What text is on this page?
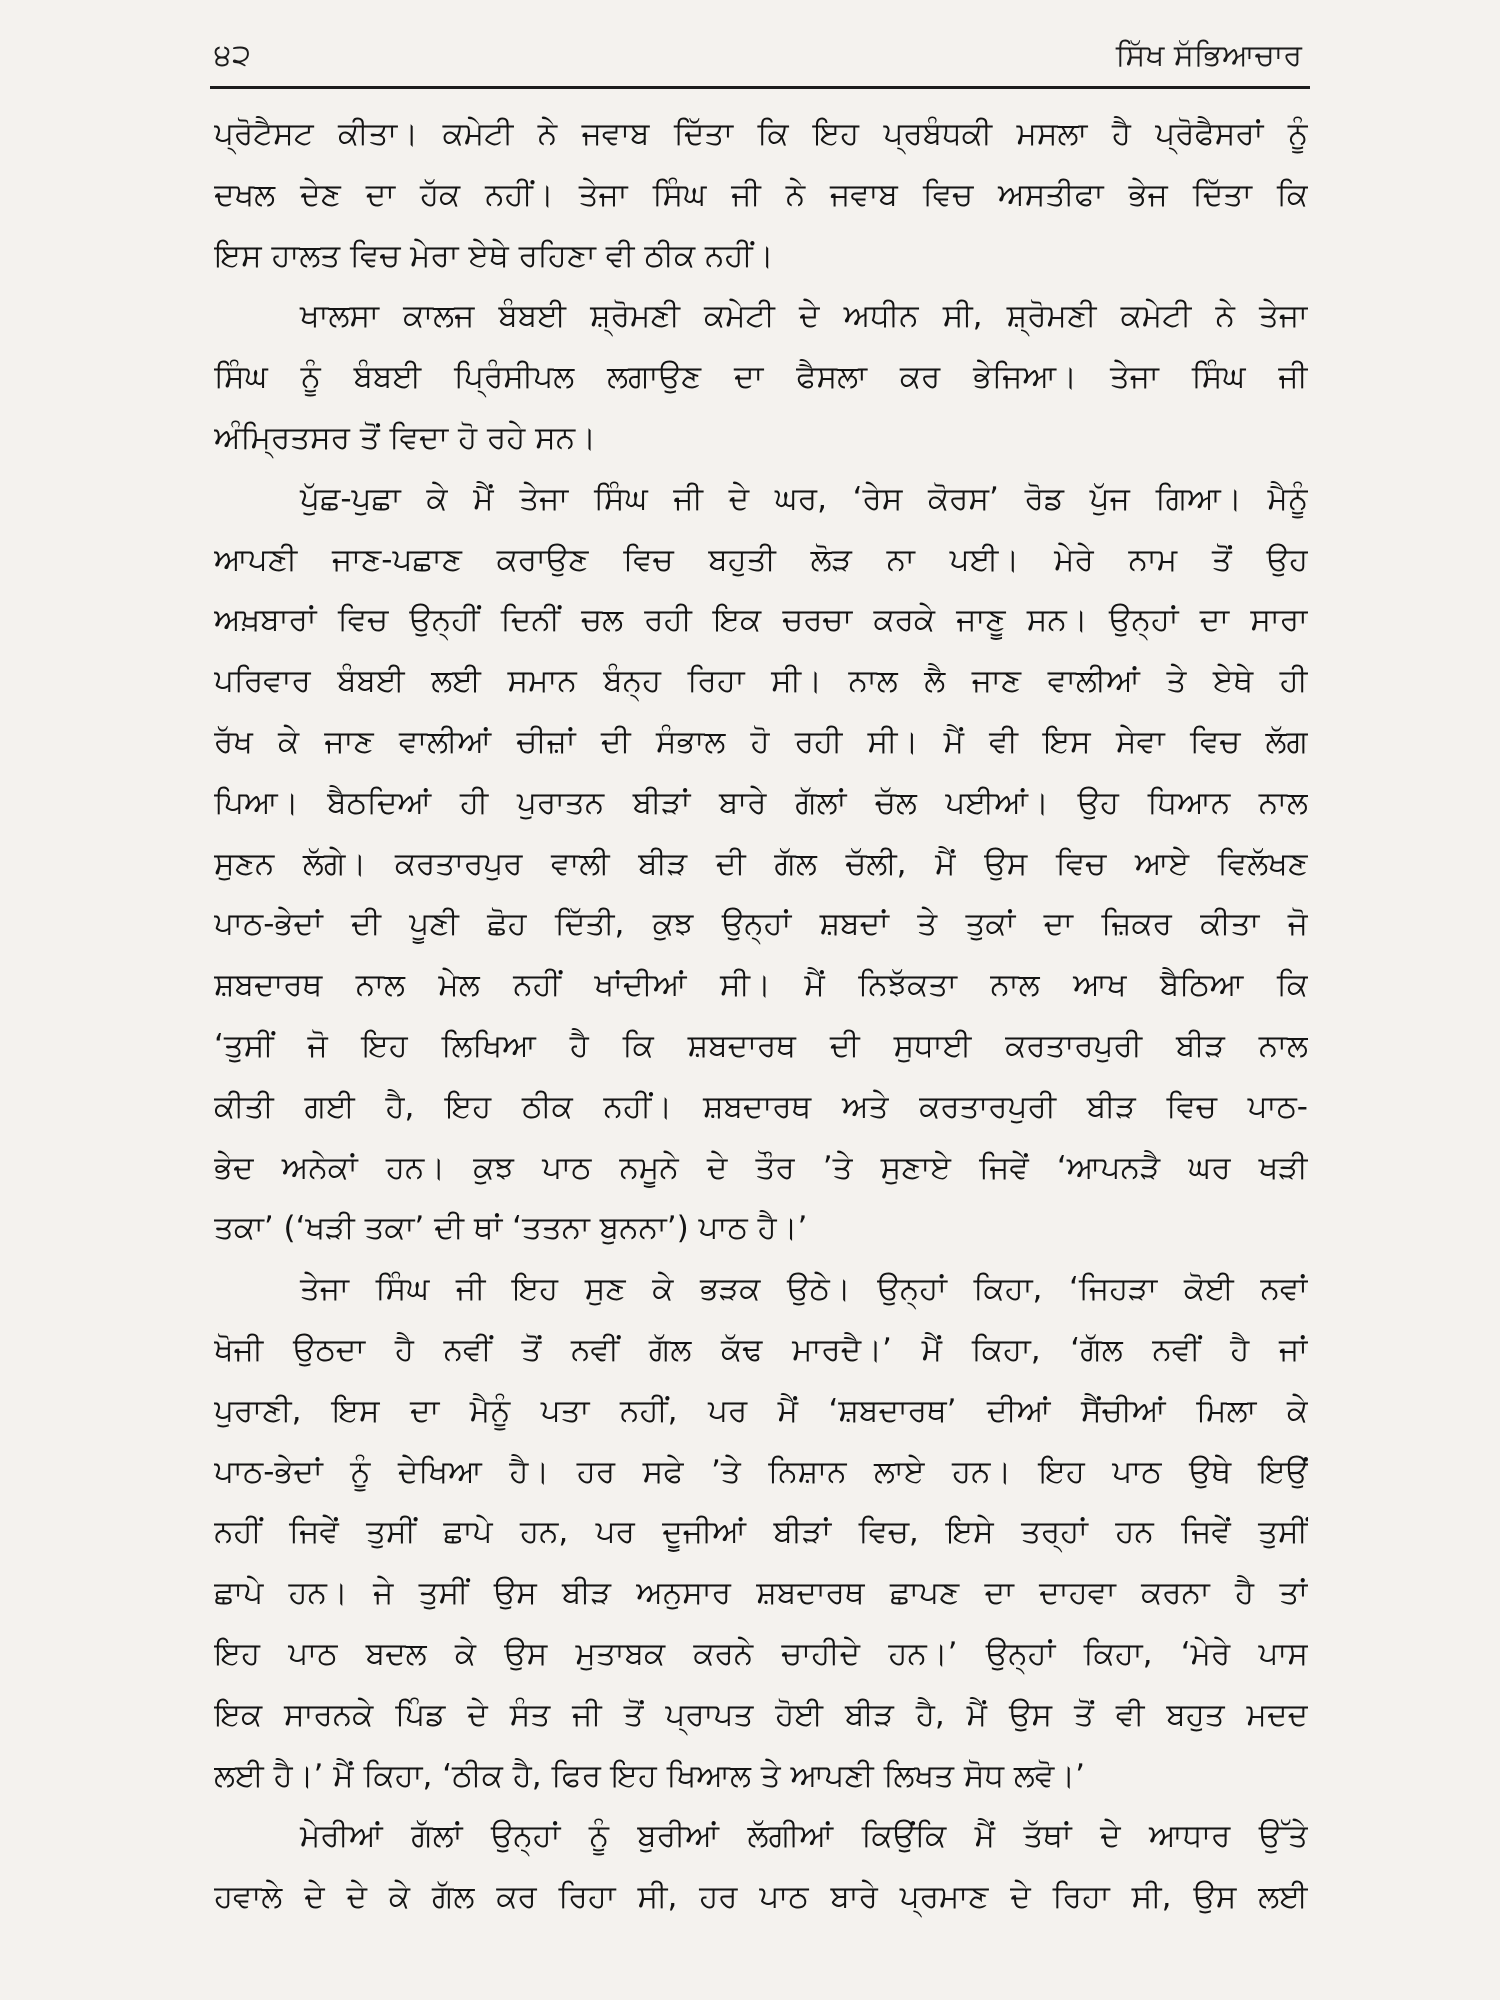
੪੨	ਸਿੱਖ ਸੱਭਿਆਚਾਰ
ਪ੍ਰੋਟੈਸਟ ਕੀਤਾ। ਕਮੇਟੀ ਨੇ ਜਵਾਬ ਦਿੱਤਾ ਕਿ ਇਹ ਪ੍ਰਬੰਧਕੀ ਮਸਲਾ ਹੈ ਪ੍ਰੋਫੈਸਰਾਂ ਨੂੰ
ਦਖਲ ਦੇਣ ਦਾ ਹੱਕ ਨਹੀਂ। ਤੇਜਾ ਸਿੰਘ ਜੀ ਨੇ ਜਵਾਬ ਵਿਚ ਅਸਤੀਫਾ ਭੇਜ ਦਿੱਤਾ ਕਿ
ਇਸ ਹਾਲਤ ਵਿਚ ਮੇਰਾ ਏਥੇ ਰਹਿਣਾ ਵੀ ਠੀਕ ਨਹੀਂ।
ਖਾਲਸਾ ਕਾਲਜ ਬੰਬਈ ਸ਼੍ਰੋਮਣੀ ਕਮੇਟੀ ਦੇ ਅਧੀਨ ਸੀ, ਸ਼੍ਰੋਮਣੀ ਕਮੇਟੀ ਨੇ ਤੇਜਾ
ਸਿੰਘ ਨੂੰ ਬੰਬਈ ਪ੍ਰਿੰਸੀਪਲ ਲਗਾਉਣ ਦਾ ਫੈਸਲਾ ਕਰ ਭੇਜਿਆ। ਤੇਜਾ ਸਿੰਘ ਜੀ
ਅੰਮ੍ਰਿਤਸਰ ਤੋਂ ਵਿਦਾ ਹੋ ਰਹੇ ਸਨ।
ਪੁੱਛ-ਪੁਛਾ ਕੇ ਮੈਂ ਤੇਜਾ ਸਿੰਘ ਜੀ ਦੇ ਘਰ, ‘ਰੇਸ ਕੋਰਸ’ ਰੋਡ ਪੁੱਜ ਗਿਆ। ਮੈਨੂੰ
ਆਪਣੀ ਜਾਣ-ਪਛਾਣ ਕਰਾਉਣ ਵਿਚ ਬਹੁਤੀ ਲੋੜ ਨਾ ਪਈ। ਮੇਰੇ ਨਾਮ ਤੋਂ ਉਹ
ਅਖ਼ਬਾਰਾਂ ਵਿਚ ਉਨ੍ਹੀਂ ਦਿਨੀਂ ਚਲ ਰਹੀ ਇਕ ਚਰਚਾ ਕਰਕੇ ਜਾਣੂ ਸਨ। ਉਨ੍ਹਾਂ ਦਾ ਸਾਰਾ
ਪਰਿਵਾਰ ਬੰਬਈ ਲਈ ਸਮਾਨ ਬੰਨ੍ਹ ਰਿਹਾ ਸੀ। ਨਾਲ ਲੈ ਜਾਣ ਵਾਲੀਆਂ ਤੇ ਏਥੇ ਹੀ
ਰੱਖ ਕੇ ਜਾਣ ਵਾਲੀਆਂ ਚੀਜ਼ਾਂ ਦੀ ਸੰਭਾਲ ਹੋ ਰਹੀ ਸੀ। ਮੈਂ ਵੀ ਇਸ ਸੇਵਾ ਵਿਚ ਲੱਗ
ਪਿਆ। ਬੈਠਦਿਆਂ ਹੀ ਪੁਰਾਤਨ ਬੀੜਾਂ ਬਾਰੇ ਗੱਲਾਂ ਚੱਲ ਪਈਆਂ। ਉਹ ਧਿਆਨ ਨਾਲ
ਸੁਣਨ ਲੱਗੇ। ਕਰਤਾਰਪੁਰ ਵਾਲੀ ਬੀੜ ਦੀ ਗੱਲ ਚੱਲੀ, ਮੈਂ ਉਸ ਵਿਚ ਆਏ ਵਿਲੱਖਣ
ਪਾਠ-ਭੇਦਾਂ ਦੀ ਪੂਣੀ ਛੋਹ ਦਿੱਤੀ, ਕੁਝ ਉਨ੍ਹਾਂ ਸ਼ਬਦਾਂ ਤੇ ਤੁਕਾਂ ਦਾ ਜ਼ਿਕਰ ਕੀਤਾ ਜੋ
ਸ਼ਬਦਾਰਥ ਨਾਲ ਮੇਲ ਨਹੀਂ ਖਾਂਦੀਆਂ ਸੀ। ਮੈਂ ਨਿਝੱਕਤਾ ਨਾਲ ਆਖ ਬੈਠਿਆ ਕਿ
‘ਤੁਸੀਂ ਜੋ ਇਹ ਲਿਖਿਆ ਹੈ ਕਿ ਸ਼ਬਦਾਰਥ ਦੀ ਸੁਧਾਈ ਕਰਤਾਰਪੁਰੀ ਬੀੜ ਨਾਲ
ਕੀਤੀ ਗਈ ਹੈ, ਇਹ ਠੀਕ ਨਹੀਂ। ਸ਼ਬਦਾਰਥ ਅਤੇ ਕਰਤਾਰਪੁਰੀ ਬੀੜ ਵਿਚ ਪਾਠ-
ਭੇਦ ਅਨੇਕਾਂ ਹਨ। ਕੁਝ ਪਾਠ ਨਮੂਨੇ ਦੇ ਤੌਰ ’ਤੇ ਸੁਣਾਏ ਜਿਵੇਂ ‘ਆਪਨੜੈ ਘਰ ਖੜੀ
ਤਕਾ’ (‘ਖੜੀ ਤਕਾ’ ਦੀ ਥਾਂ ‘ਤਤਨਾ ਬੁਨਨਾ’) ਪਾਠ ਹੈ।’
ਤੇਜਾ ਸਿੰਘ ਜੀ ਇਹ ਸੁਣ ਕੇ ਭੜਕ ਉਠੇ। ਉਨ੍ਹਾਂ ਕਿਹਾ, ‘ਜਿਹੜਾ ਕੋਈ ਨਵਾਂ
ਖੋਜੀ ਉਠਦਾ ਹੈ ਨਵੀਂ ਤੋਂ ਨਵੀਂ ਗੱਲ ਕੱਢ ਮਾਰਦੈ।’ ਮੈਂ ਕਿਹਾ, ‘ਗੱਲ ਨਵੀਂ ਹੈ ਜਾਂ
ਪੁਰਾਣੀ, ਇਸ ਦਾ ਮੈਨੂੰ ਪਤਾ ਨਹੀਂ, ਪਰ ਮੈਂ ‘ਸ਼ਬਦਾਰਥ’ ਦੀਆਂ ਸੈਂਚੀਆਂ ਮਿਲਾ ਕੇ
ਪਾਠ-ਭੇਦਾਂ ਨੂੰ ਦੇਖਿਆ ਹੈ। ਹਰ ਸਫੇ ’ਤੇ ਨਿਸ਼ਾਨ ਲਾਏ ਹਨ। ਇਹ ਪਾਠ ਉਥੇ ਇਉਂ
ਨਹੀਂ ਜਿਵੇਂ ਤੁਸੀਂ ਛਾਪੇ ਹਨ, ਪਰ ਦੂਜੀਆਂ ਬੀੜਾਂ ਵਿਚ, ਇਸੇ ਤਰ੍ਹਾਂ ਹਨ ਜਿਵੇਂ ਤੁਸੀਂ
ਛਾਪੇ ਹਨ। ਜੇ ਤੁਸੀਂ ਉਸ ਬੀੜ ਅਨੁਸਾਰ ਸ਼ਬਦਾਰਥ ਛਾਪਣ ਦਾ ਦਾਹਵਾ ਕਰਨਾ ਹੈ ਤਾਂ
ਇਹ ਪਾਠ ਬਦਲ ਕੇ ਉਸ ਮੁਤਾਬਕ ਕਰਨੇ ਚਾਹੀਦੇ ਹਨ।’ ਉਨ੍ਹਾਂ ਕਿਹਾ, ‘ਮੇਰੇ ਪਾਸ
ਇਕ ਸਾਰਨਕੇ ਪਿੰਡ ਦੇ ਸੰਤ ਜੀ ਤੋਂ ਪ੍ਰਾਪਤ ਹੋਈ ਬੀੜ ਹੈ, ਮੈਂ ਉਸ ਤੋਂ ਵੀ ਬਹੁਤ ਮਦਦ
ਲਈ ਹੈ।’ ਮੈਂ ਕਿਹਾ, ‘ਠੀਕ ਹੈ, ਫਿਰ ਇਹ ਖਿਆਲ ਤੇ ਆਪਣੀ ਲਿਖਤ ਸੋਧ ਲਵੋ।’
ਮੇਰੀਆਂ ਗੱਲਾਂ ਉਨ੍ਹਾਂ ਨੂੰ ਬੁਰੀਆਂ ਲੱਗੀਆਂ ਕਿਉਂਕਿ ਮੈਂ ਤੱਥਾਂ ਦੇ ਆਧਾਰ ਉੱਤੇ
ਹਵਾਲੇ ਦੇ ਦੇ ਕੇ ਗੱਲ ਕਰ ਰਿਹਾ ਸੀ, ਹਰ ਪਾਠ ਬਾਰੇ ਪ੍ਰਮਾਣ ਦੇ ਰਿਹਾ ਸੀ, ਉਸ ਲਈ
